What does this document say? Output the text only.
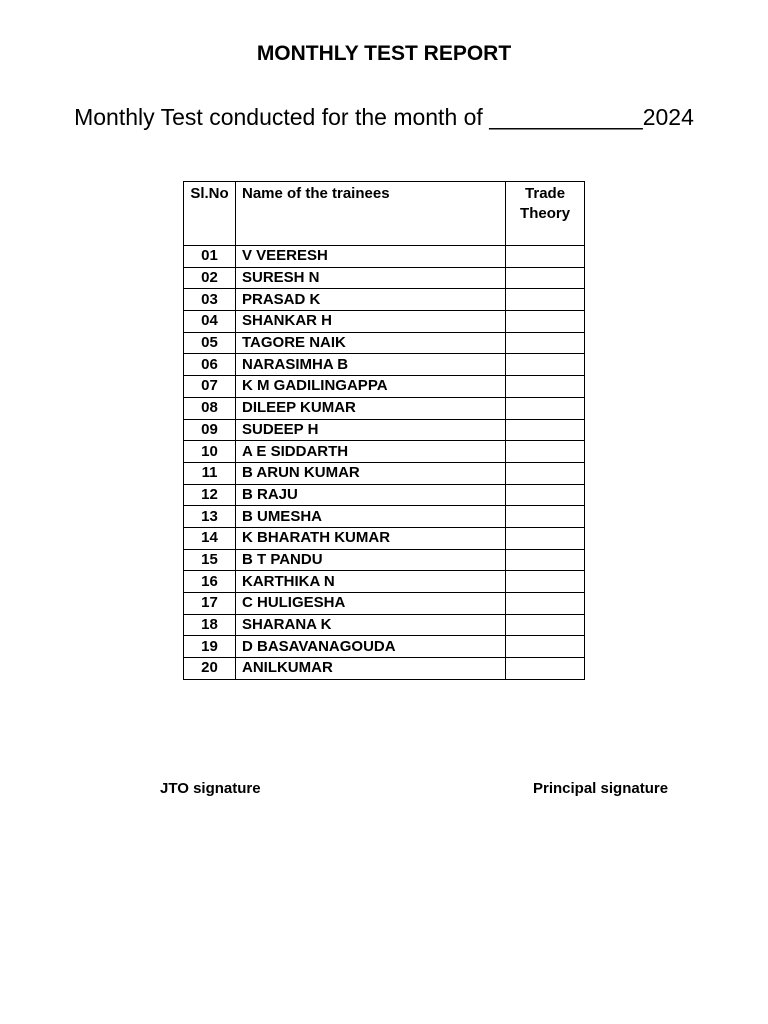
MONTHLY TEST REPORT
Monthly Test conducted for the month of ____________2024
Sl.No	Name of the trainees	Trade Theory
01	V VEERESH	
02	SURESH N	
03	PRASAD K	
04	SHANKAR H	
05	TAGORE NAIK	
06	NARASIMHA B	
07	K M GADILINGAPPA	
08	DILEEP KUMAR	
09	SUDEEP H	
10	A E SIDDARTH	
11	B ARUN KUMAR	
12	B RAJU	
13	B UMESHA	
14	K BHARATH KUMAR	
15	B T PANDU	
16	KARTHIKA N	
17	C HULIGESHA	
18	SHARANA K	
19	D BASAVANAGOUDA	
20	ANILKUMAR	
JTO signature	Principal signature
